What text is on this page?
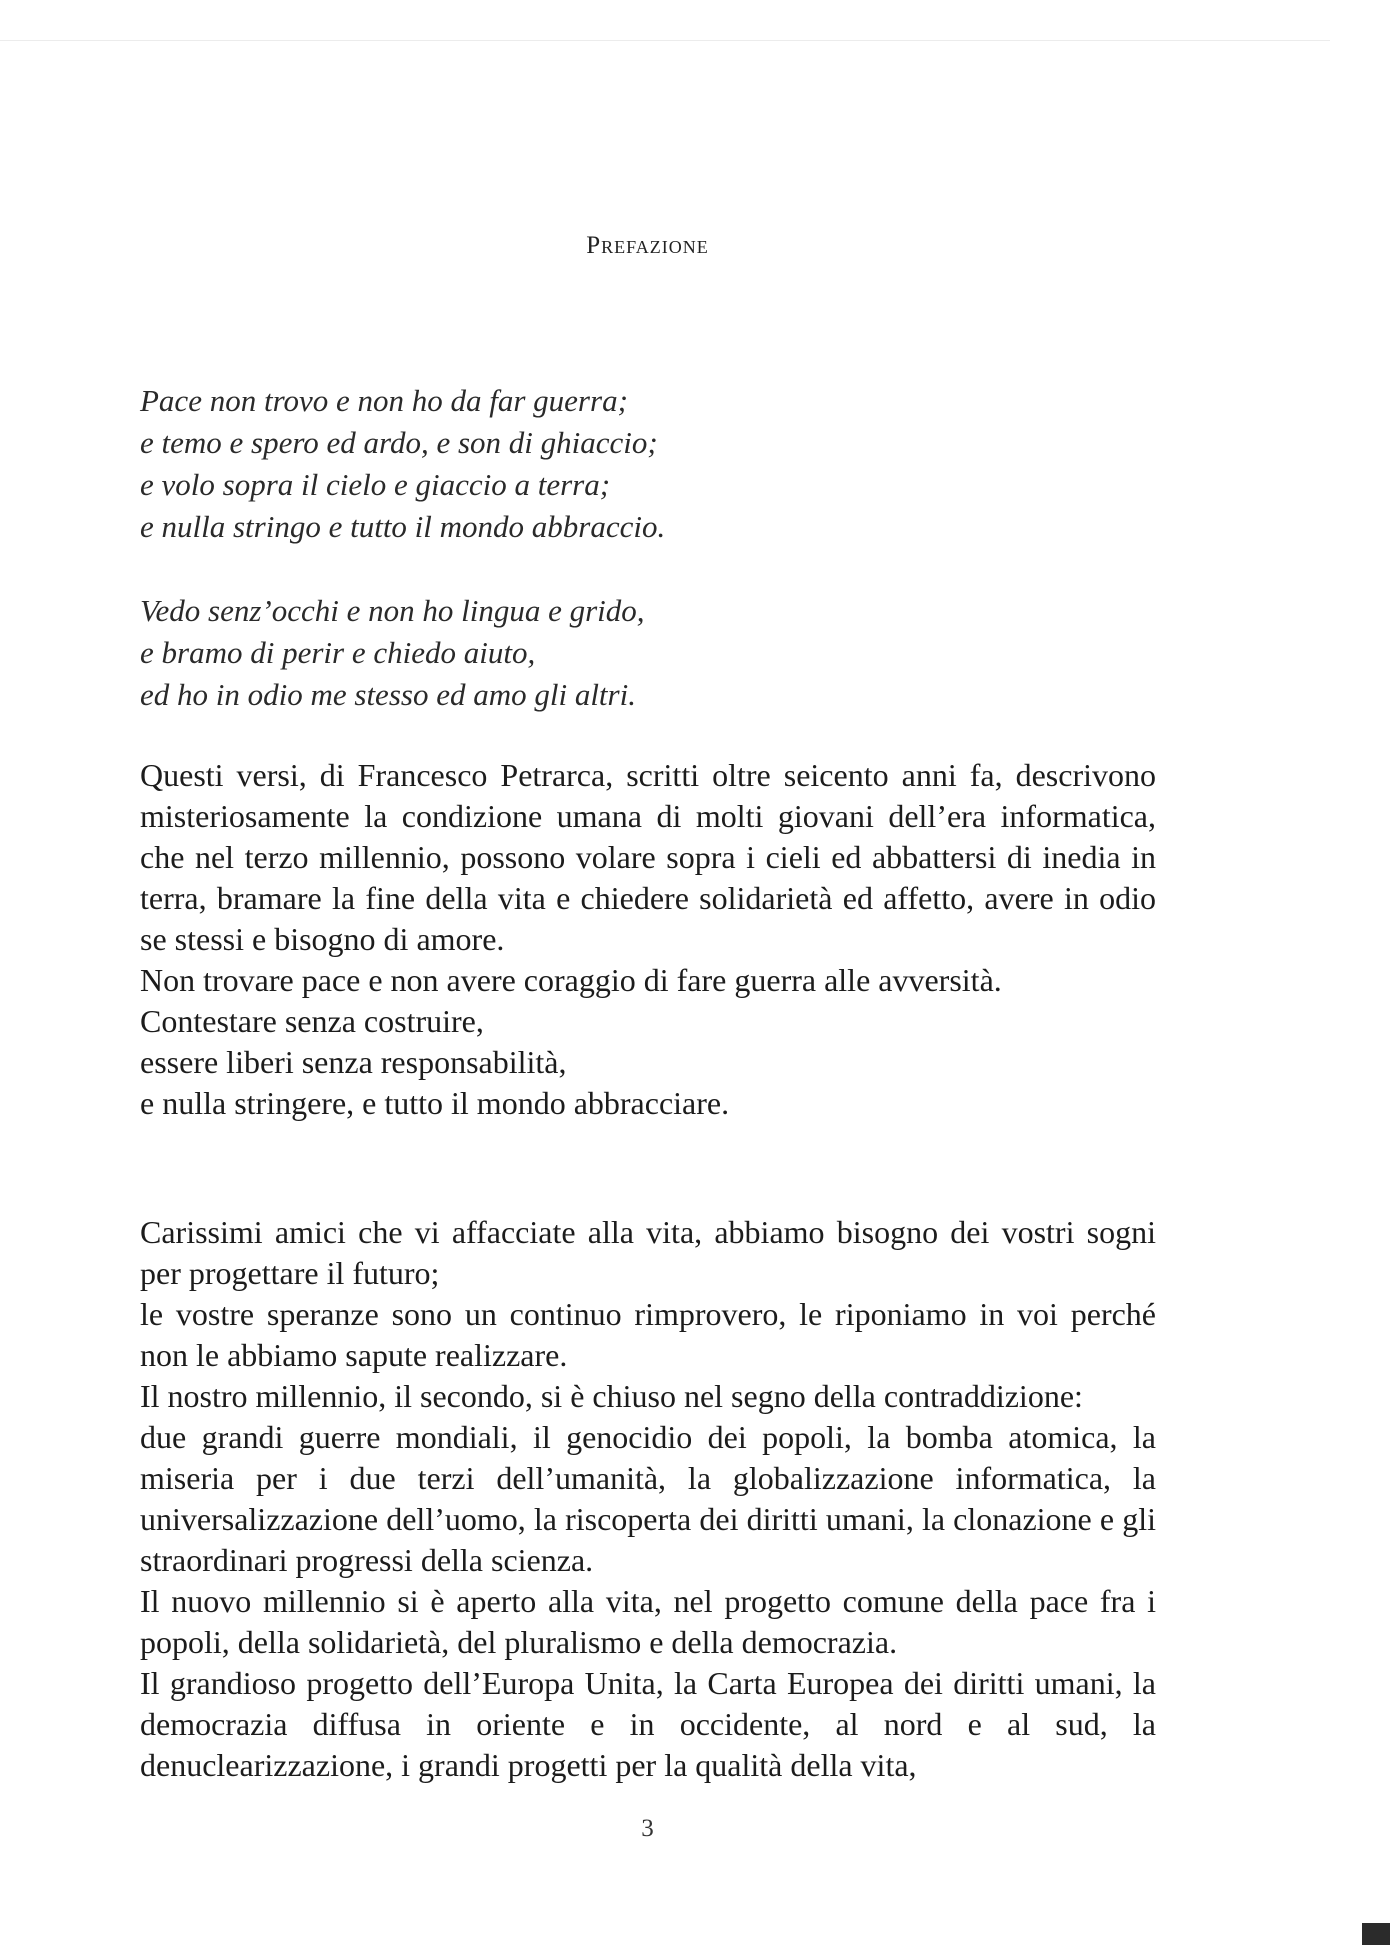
Prefazione
Pace non trovo e non ho da far guerra;
e temo e spero ed ardo, e son di ghiaccio;
e volo sopra il cielo e giaccio a terra;
e nulla stringo e tutto il mondo abbraccio.
Vedo senz’occhi e non ho lingua e grido,
e bramo di perir e chiedo aiuto,
ed ho in odio me stesso ed amo gli altri.
Questi versi, di Francesco Petrarca, scritti oltre seicento anni fa, descrivono misteriosamente la condizione umana di molti giovani dell’era informatica, che nel terzo millennio, possono volare sopra i cieli ed abbattersi di inedia in terra, bramare la fine della vita e chiedere solidarietà ed affetto, avere in odio se stessi e bisogno di amore.
Non trovare pace e non avere coraggio di fare guerra alle avversità.
Contestare senza costruire,
essere liberi senza responsabilità,
e nulla stringere, e tutto il mondo abbracciare.
Carissimi amici che vi affacciate alla vita, abbiamo bisogno dei vostri sogni per progettare il futuro;
le vostre speranze sono un continuo rimprovero, le riponiamo in voi perché non le abbiamo sapute realizzare.
Il nostro millennio, il secondo, si è chiuso nel segno della contraddizione:
due grandi guerre mondiali, il genocidio dei popoli, la bomba atomica, la miseria per i due terzi dell’umanità, la globalizzazione informatica, la universalizzazione dell’uomo, la riscoperta dei diritti umani, la clonazione e gli straordinari progressi della scienza.
Il nuovo millennio si è aperto alla vita, nel progetto comune della pace fra i popoli, della solidarietà, del pluralismo e della democrazia.
Il grandioso progetto dell’Europa Unita, la Carta Europea dei diritti umani, la democrazia diffusa in oriente e in occidente, al nord e al sud, la denuclearizzazione, i grandi progetti per la qualità della vita,
3
